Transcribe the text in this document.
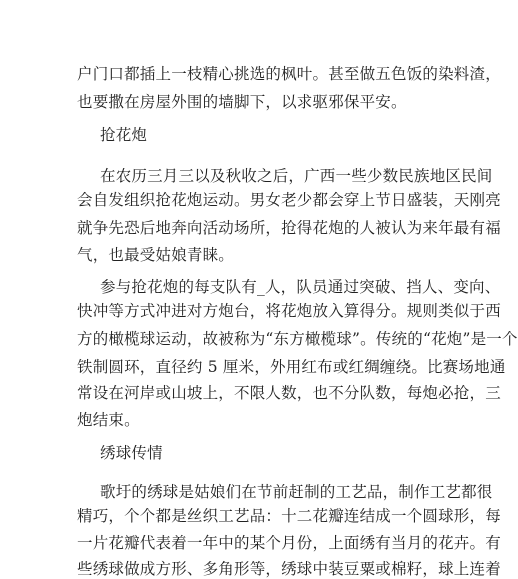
户门口都插上一枝精心挑选的枫叶。甚至做五色饭的染料渣，
也要撒在房屋外围的墙脚下，以求驱邪保平安。
抢花炮
在农历三月三以及秋收之后，广西一些少数民族地区民间
会自发组织抢花炮运动。男女老少都会穿上节日盛装，天刚亮
就争先恐后地奔向活动场所，抢得花炮的人被认为来年最有福
气，也最受姑娘青睐。
参与抢花炮的每支队有_人，队员通过突破、挡人、变向、
快冲等方式冲进对方炮台，将花炮放入算得分。规则类似于西
方的橄榄球运动，故被称为“东方橄榄球”。传统的“花炮”是一个
铁制圆环，直径约 5 厘米，外用红布或红绸缠绕。比赛场地通
常设在河岸或山坡上，不限人数，也不分队数，每炮必抢，三
炮结束。
绣球传情
歌圩的绣球是姑娘们在节前赶制的工艺品，制作工艺都很
精巧，个个都是丝织工艺品：十二花瓣连结成一个圆球形，每
一片花瓣代表着一年中的某个月份，上面绣有当月的花卉。有
些绣球做成方形、多角形等，绣球中装豆粟或棉籽，球上连着
